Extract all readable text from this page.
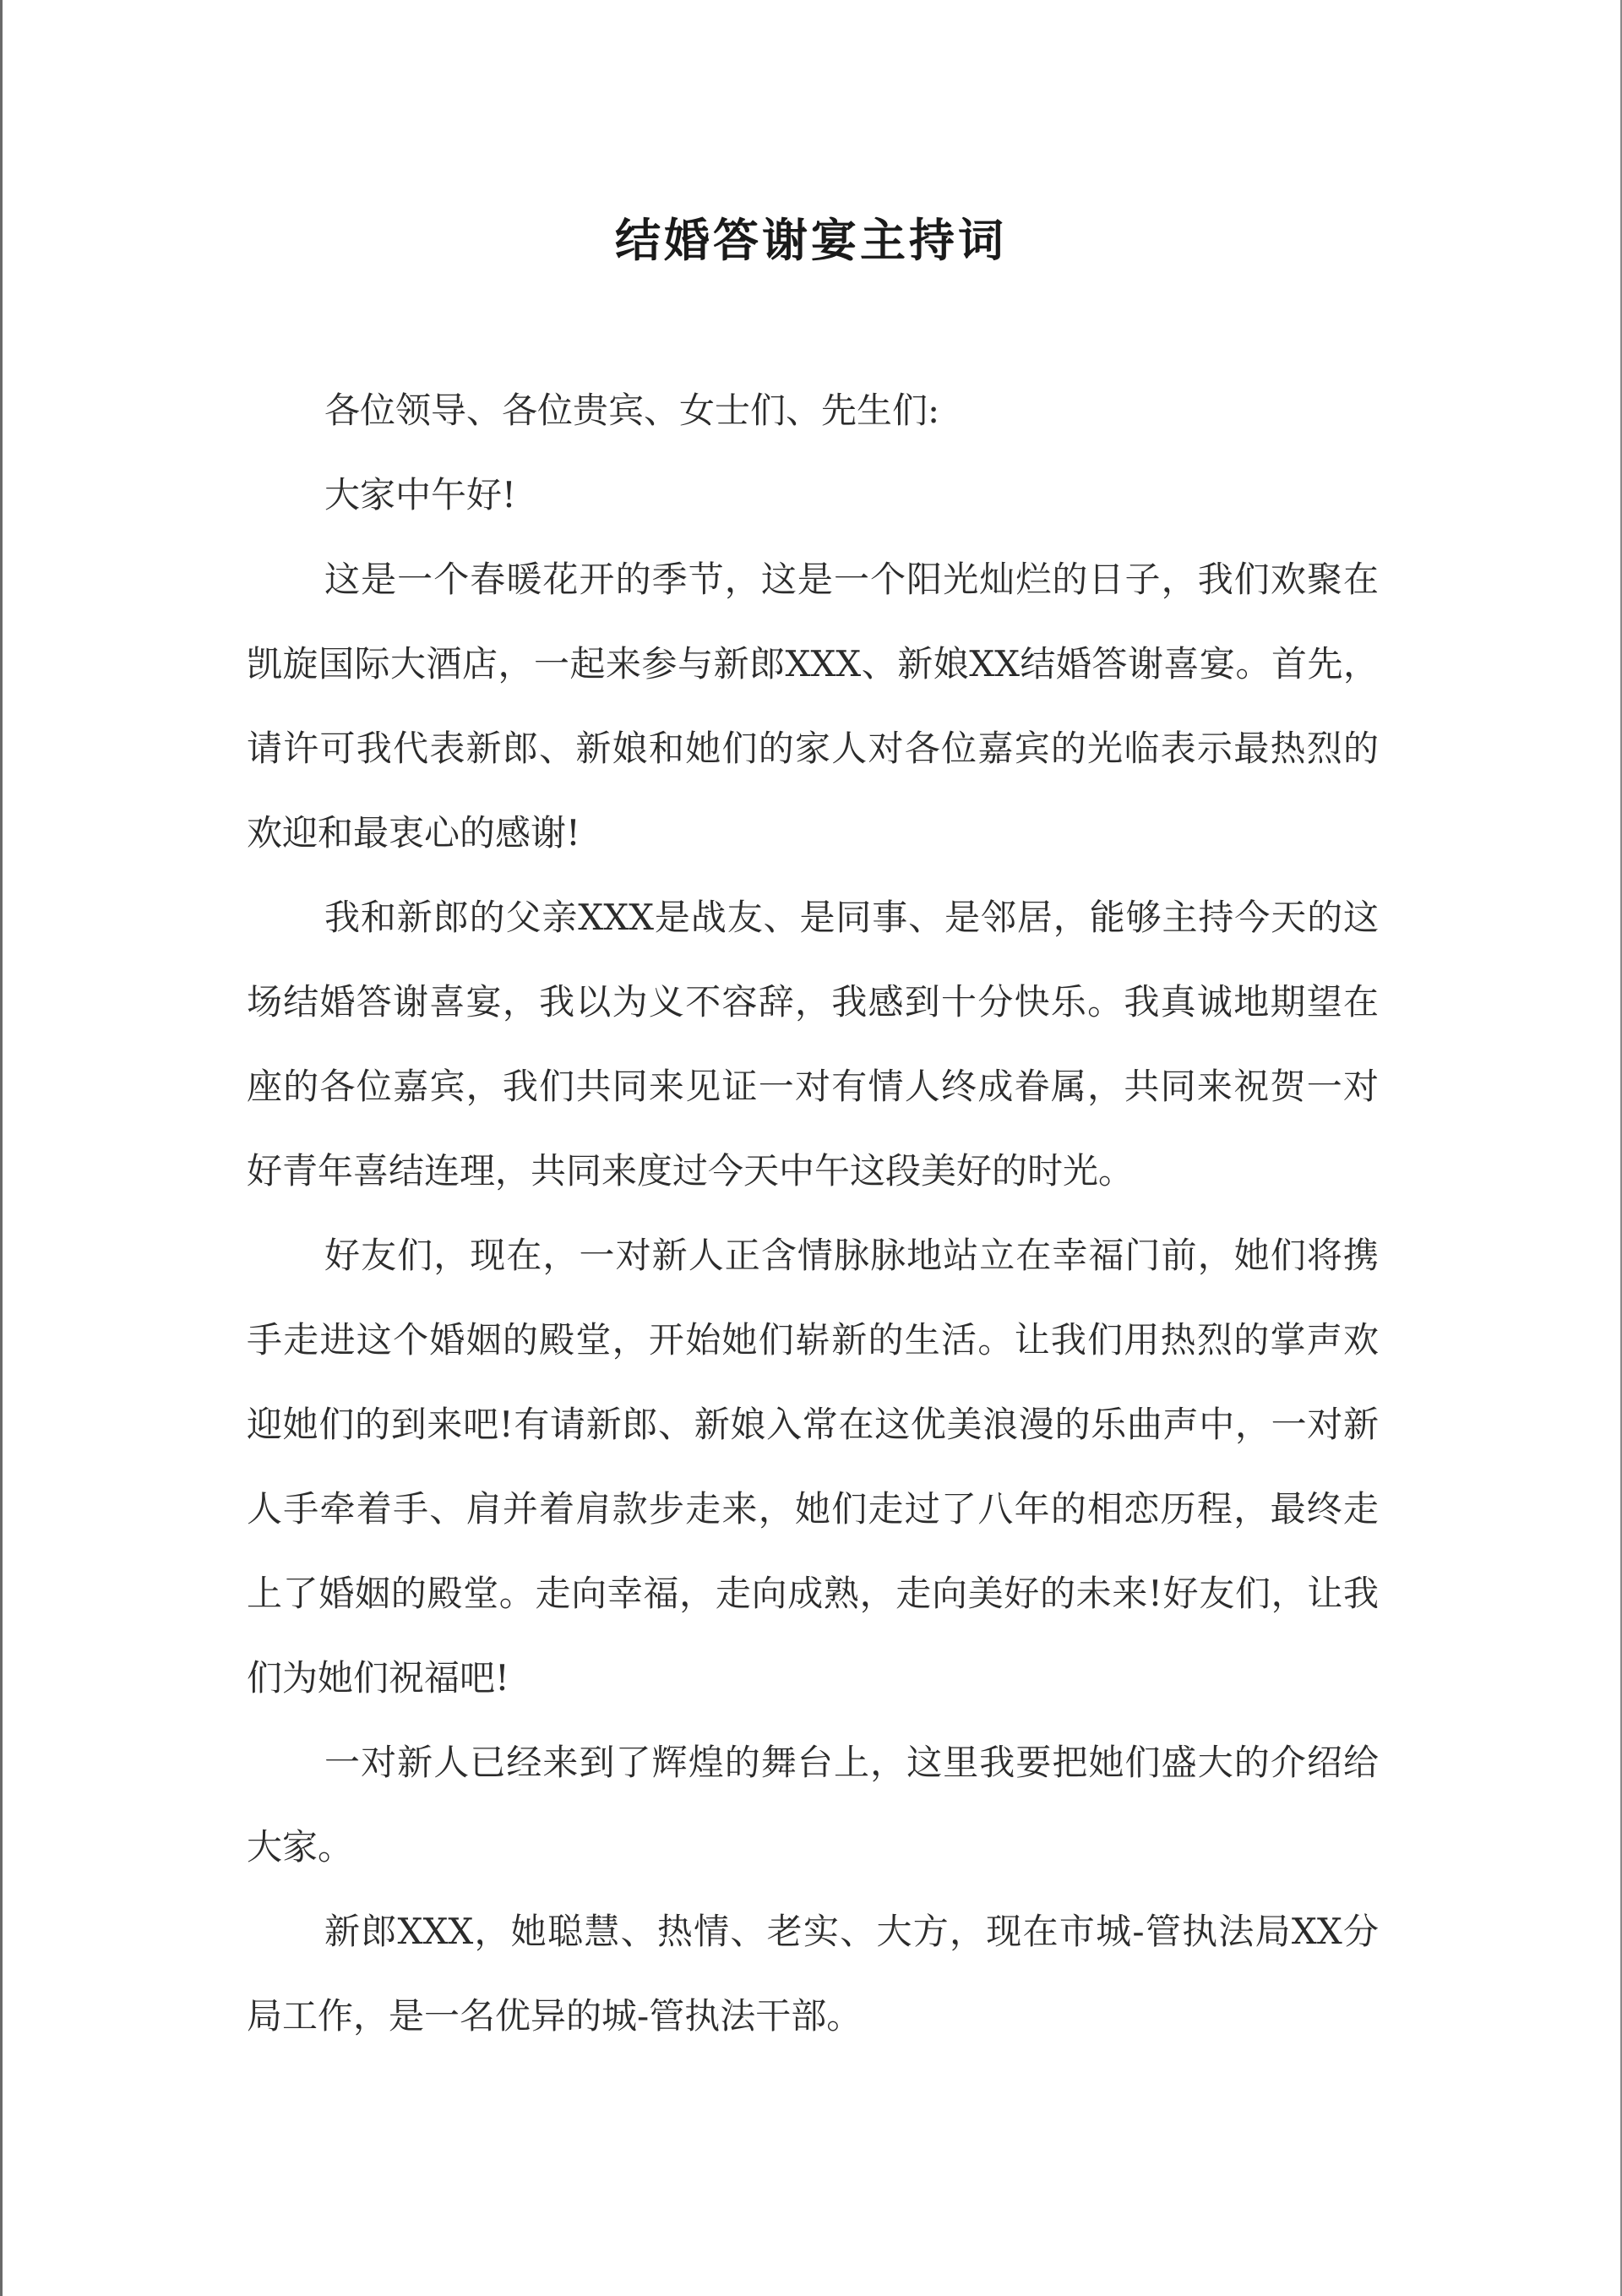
结婚答谢宴主持词

各位领导、各位贵宾、女士们、先生们:

大家中午好!

这是一个春暖花开的季节，这是一个阳光灿烂的日子，我们欢聚在凯旋国际大酒店，一起来参与新郎XXX、新娘XX结婚答谢喜宴。首先，请许可我代表新郎、新娘和她们的家人对各位嘉宾的光临表示最热烈的欢迎和最衷心的感谢!

我和新郎的父亲XXX是战友、是同事、是邻居，能够主持今天的这场结婚答谢喜宴，我以为义不容辞，我感到十分快乐。我真诚地期望在座的各位嘉宾，我们共同来见证一对有情人终成眷属，共同来祝贺一对好青年喜结连理，共同来度过今天中午这段美好的时光。

好友们，现在，一对新人正含情脉脉地站立在幸福门前，她们将携手走进这个婚姻的殿堂，开始她们崭新的生活。让我们用热烈的掌声欢迎她们的到来吧!有请新郎、新娘入常在这优美浪漫的乐曲声中，一对新人手牵着手、肩并着肩款步走来，她们走过了八年的相恋历程，最终走上了婚姻的殿堂。走向幸福，走向成熟，走向美好的未来!好友们，让我们为她们祝福吧!

一对新人已经来到了辉煌的舞台上，这里我要把她们盛大的介绍给大家。

新郎XXX，她聪慧、热情、老实、大方，现在市城-管执法局XX分局工作，是一名优异的城-管执法干部。
